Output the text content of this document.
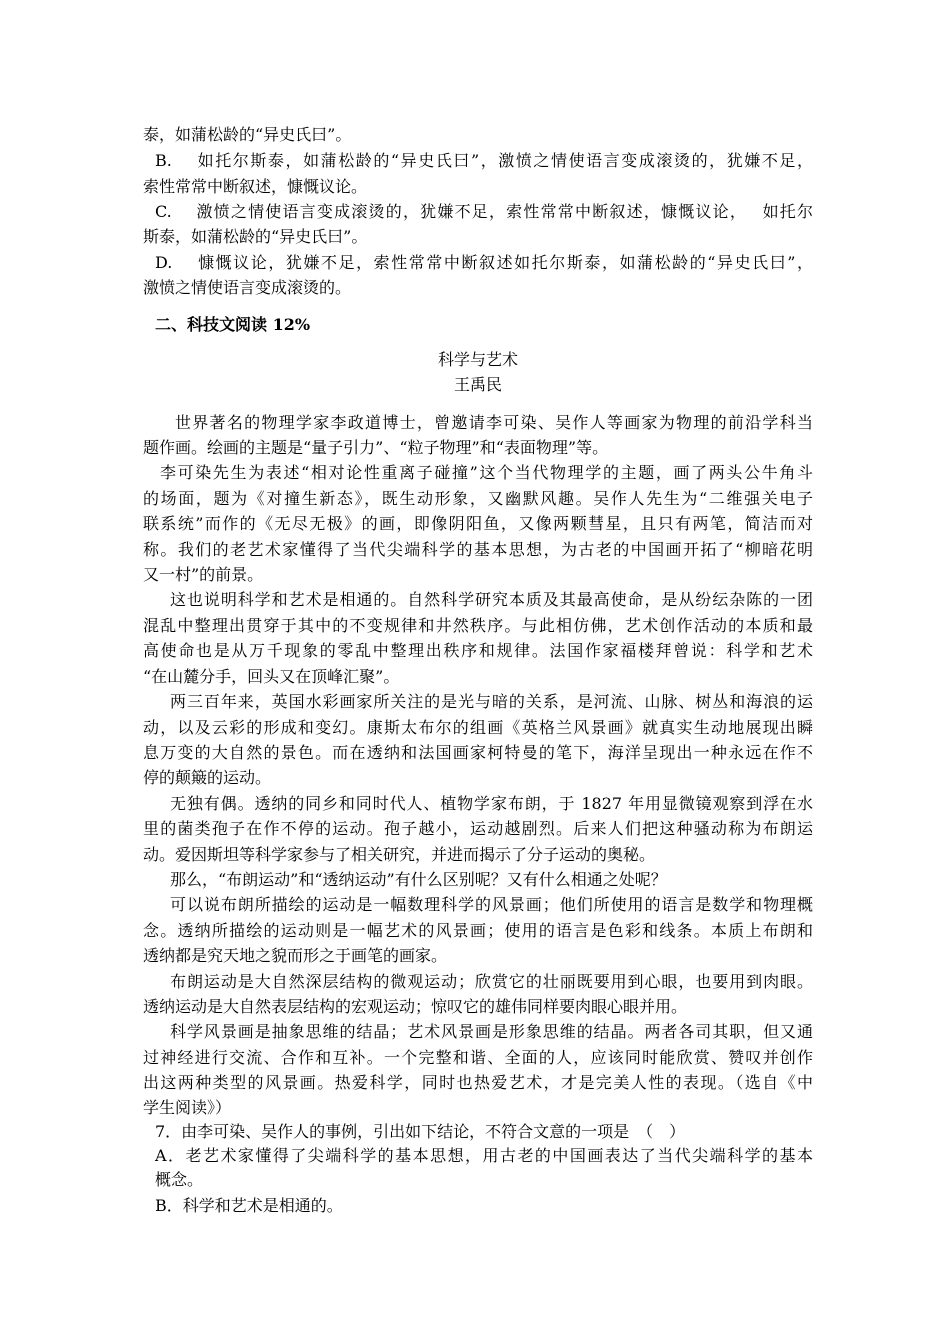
泰，如蒲松龄的“异史氏曰”。
B.　 如托尔斯泰，如蒲松龄的“异史氏曰”，激愤之情使语言变成滚烫的，犹嫌不足，
索性常常中断叙述，慷慨议论。
C.　 激愤之情使语言变成滚烫的，犹嫌不足，索性常常中断叙述，慷慨议论，　 如托尔
斯泰，如蒲松龄的“异史氏曰”。
D.　 慷慨议论，犹嫌不足，索性常常中断叙述如托尔斯泰，如蒲松龄的“异史氏曰”，
激愤之情使语言变成滚烫的。
二、科技文阅读 12%
科学与艺术
王禹民
世界著名的物理学家李政道博士，曾邀请李可染、吴作人等画家为物理的前沿学科当
题作画。绘画的主题是“量子引力”、“粒子物理”和“表面物理”等。
李可染先生为表述“相对论性重离子碰撞”这个当代物理学的主题，画了两头公牛角斗
的场面，题为《对撞生新态》，既生动形象，又幽默风趣。吴作人先生为“二维强关电子
联系统”而作的《无尽无极》的画，即像阴阳鱼，又像两颗彗星，且只有两笔，简洁而对
称。我们的老艺术家懂得了当代尖端科学的基本思想，为古老的中国画开拓了“柳暗花明
又一村”的前景。
这也说明科学和艺术是相通的。自然科学研究本质及其最高使命，是从纷纭杂陈的一团
混乱中整理出贯穿于其中的不变规律和井然秩序。与此相仿佛，艺术创作活动的本质和最
高使命也是从万千现象的零乱中整理出秩序和规律。法国作家福楼拜曾说：科学和艺术
“在山麓分手，回头又在顶峰汇聚”。
两三百年来，英国水彩画家所关注的是光与暗的关系，是河流、山脉、树丛和海浪的运
动，以及云彩的形成和变幻。康斯太布尔的组画《英格兰风景画》就真实生动地展现出瞬
息万变的大自然的景色。而在透纳和法国画家柯特曼的笔下，海洋呈现出一种永远在作不
停的颠簸的运动。
无独有偶。透纳的同乡和同时代人、植物学家布朗，于 1827 年用显微镜观察到浮在水
里的菌类孢子在作不停的运动。孢子越小，运动越剧烈。后来人们把这种骚动称为布朗运
动。爱因斯坦等科学家参与了相关研究，并进而揭示了分子运动的奥秘。
那么，“布朗运动”和“透纳运动”有什么区别呢？又有什么相通之处呢？
可以说布朗所描绘的运动是一幅数理科学的风景画；他们所使用的语言是数学和物理概
念。透纳所描绘的运动则是一幅艺术的风景画；使用的语言是色彩和线条。本质上布朗和
透纳都是究天地之貌而形之于画笔的画家。
布朗运动是大自然深层结构的微观运动；欣赏它的壮丽既要用到心眼，也要用到肉眼。
透纳运动是大自然表层结构的宏观运动；惊叹它的雄伟同样要肉眼心眼并用。
科学风景画是抽象思维的结晶；艺术风景画是形象思维的结晶。两者各司其职，但又通
过神经进行交流、合作和互补。一个完整和谐、全面的人，应该同时能欣赏、赞叹并创作
出这两种类型的风景画。热爱科学，同时也热爱艺术，才是完美人性的表现。（选自《中
学生阅读》）
7．由李可染、吴作人的事例，引出如下结论，不符合文意的一项是　（　）
A．老艺术家懂得了尖端科学的基本思想，用古老的中国画表达了当代尖端科学的基本
概念。
B．科学和艺术是相通的。
